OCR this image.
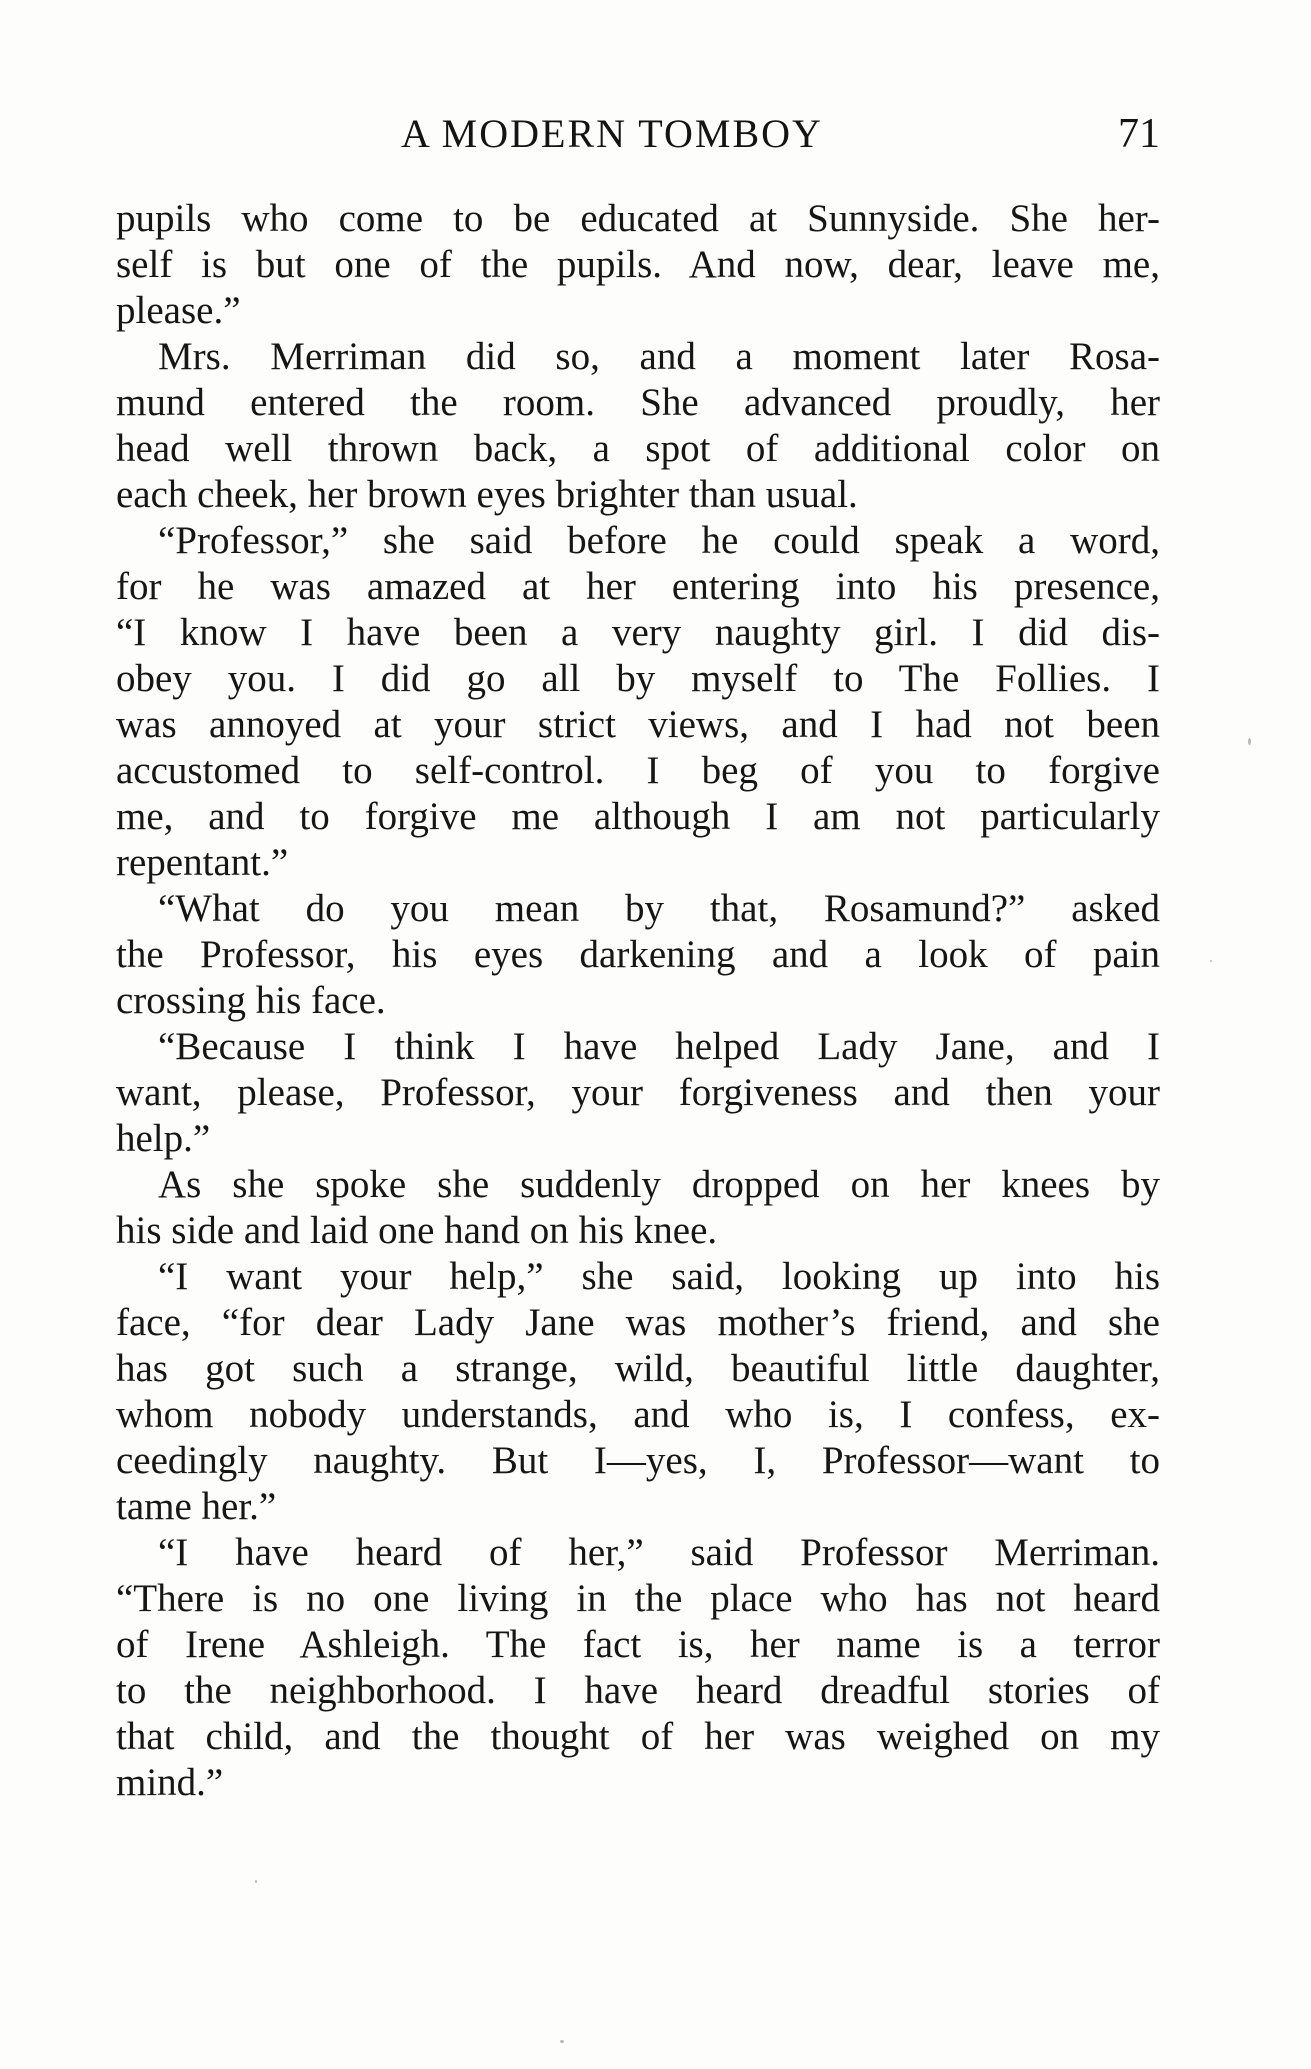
A MODERN TOMBOY	71
pupils who come to be educated at Sunnyside. She her-
self is but one of the pupils. And now, dear, leave me,
please.”
Mrs. Merriman did so, and a moment later Rosa-
mund entered the room. She advanced proudly, her
head well thrown back, a spot of additional color on
each cheek, her brown eyes brighter than usual.
“Professor,” she said before he could speak a word,
for he was amazed at her entering into his presence,
“I know I have been a very naughty girl. I did dis-
obey you. I did go all by myself to The Follies. I
was annoyed at your strict views, and I had not been
accustomed to self-control. I beg of you to forgive
me, and to forgive me although I am not particularly
repentant.”
“What do you mean by that, Rosamund?” asked
the Professor, his eyes darkening and a look of pain
crossing his face.
“Because I think I have helped Lady Jane, and I
want, please, Professor, your forgiveness and then your
help.”
As she spoke she suddenly dropped on her knees by
his side and laid one hand on his knee.
“I want your help,” she said, looking up into his
face, “for dear Lady Jane was mother’s friend, and she
has got such a strange, wild, beautiful little daughter,
whom nobody understands, and who is, I confess, ex-
ceedingly naughty. But I—yes, I, Professor—want to
tame her.”
“I have heard of her,” said Professor Merriman.
“There is no one living in the place who has not heard
of Irene Ashleigh. The fact is, her name is a terror
to the neighborhood. I have heard dreadful stories of
that child, and the thought of her was weighed on my
mind.”
